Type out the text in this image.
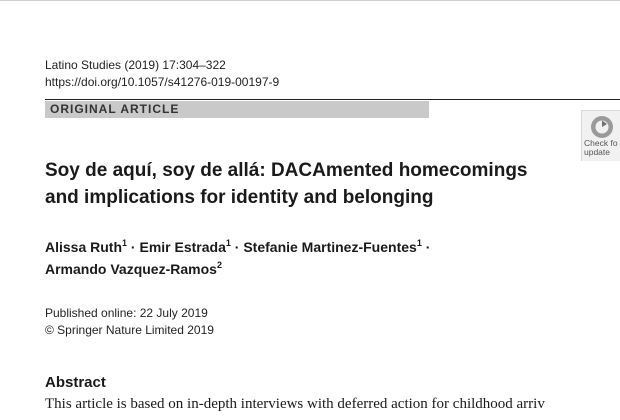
Latino Studies (2019) 17:304–322
https://doi.org/10.1057/s41276-019-00197-9
ORIGINAL ARTICLE
Check fo
update
Soy de aquí, soy de allá: DACAmented homecomings
and implications for identity and belonging
Alissa Ruth$^1$ · Emir Estrada$^1$ · Stefanie Martinez-Fuentes$^1$ ·
Armando Vazquez-Ramos$^2$
Published online: 22 July 2019
© Springer Nature Limited 2019
Abstract
This article is based on in-depth interviews with deferred action for childhood arriv
